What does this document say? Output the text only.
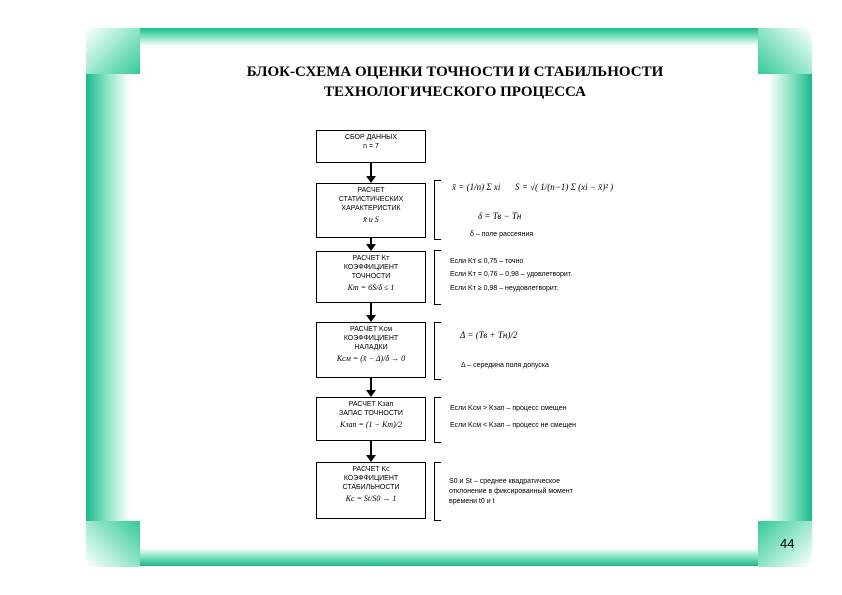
БЛОК-СХЕМА ОЦЕНКИ ТОЧНОСТИ И СТАБИЛЬНОСТИ
ТЕХНОЛОГИЧЕСКОГО ПРОЦЕССА
СБОР ДАННЫХ
n = 7
РАСЧЕТ
СТАТИСТИЧЕСКИХ
ХАРАКТЕРИСТИК
x̄ и S
РАСЧЕТ Kт
КОЭФФИЦИЕНТ
ТОЧНОСТИ
Kт = 6S/δ ≤ 1
РАСЧЕТ Kсм
КОЭФФИЦИЕНТ
НАЛАДКИ
Kсм = (x̄ − Δ)/δ → 0
РАСЧЕТ Kзап
ЗАПАС ТОЧНОСТИ
Kзап = (1 − Kт)/2
РАСЧЕТ Kс
КОЭФФИЦИЕНТ
СТАБИЛЬНОСТИ
Kс = St/S0 → 1
x̄ = (1/n) Σ xi S = √( 1/(n−1) Σ (xi − x̄)² )
δ = Тв − Тн
δ – поле рассеяния
Если Kт ≤ 0,75 – точно
Если Kт = 0,76 – 0,98 – удовлетворит.
Если Kт ≥ 0,98 – неудовлетворит.
Δ = (Тв + Тн)/2
Δ – середина поля допуска
Если Kсм > Kзап – процесс смещен
Если Kсм < Kзап – процесс не смещен
S0 и St – среднее квадратическое
отклонение в фиксированный момент
времени t0 и t
44
